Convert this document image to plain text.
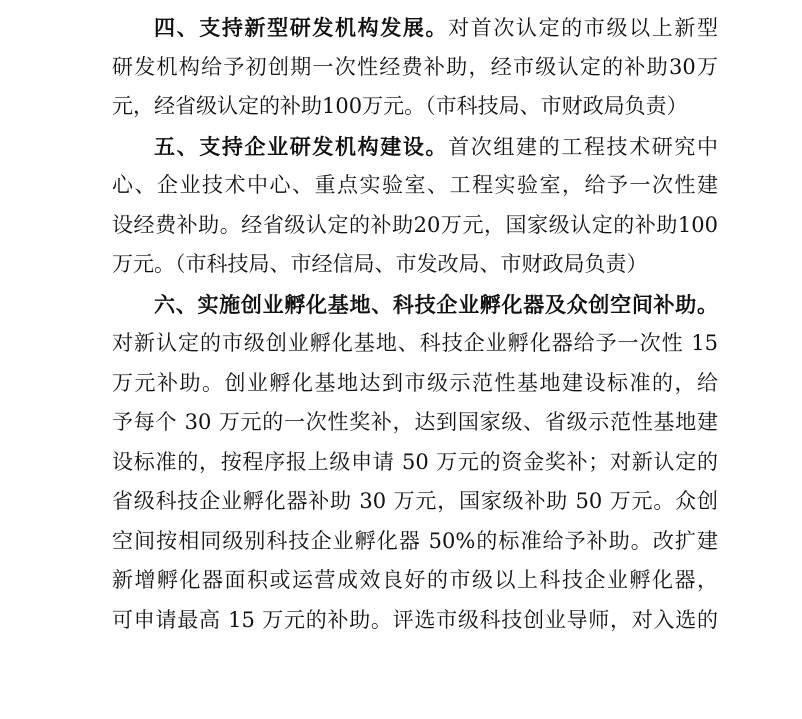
四、支持新型研发机构发展。对首次认定的市级以上新型
研发机构给予初创期一次性经费补助，经市级认定的补助30万
元，经省级认定的补助100万元。（市科技局、市财政局负责）
五、支持企业研发机构建设。首次组建的工程技术研究中
心、企业技术中心、重点实验室、工程实验室，给予一次性建
设经费补助。经省级认定的补助20万元，国家级认定的补助100
万元。（市科技局、市经信局、市发改局、市财政局负责）
六、实施创业孵化基地、科技企业孵化器及众创空间补助。
对新认定的市级创业孵化基地、科技企业孵化器给予一次性 15
万元补助。创业孵化基地达到市级示范性基地建设标准的，给
予每个 30 万元的一次性奖补，达到国家级、省级示范性基地建
设标准的，按程序报上级申请 50 万元的资金奖补；对新认定的
省级科技企业孵化器补助 30 万元，国家级补助 50 万元。众创
空间按相同级别科技企业孵化器 50%的标准给予补助。改扩建
新增孵化器面积或运营成效良好的市级以上科技企业孵化器，
可申请最高 15 万元的补助。评选市级科技创业导师，对入选的
